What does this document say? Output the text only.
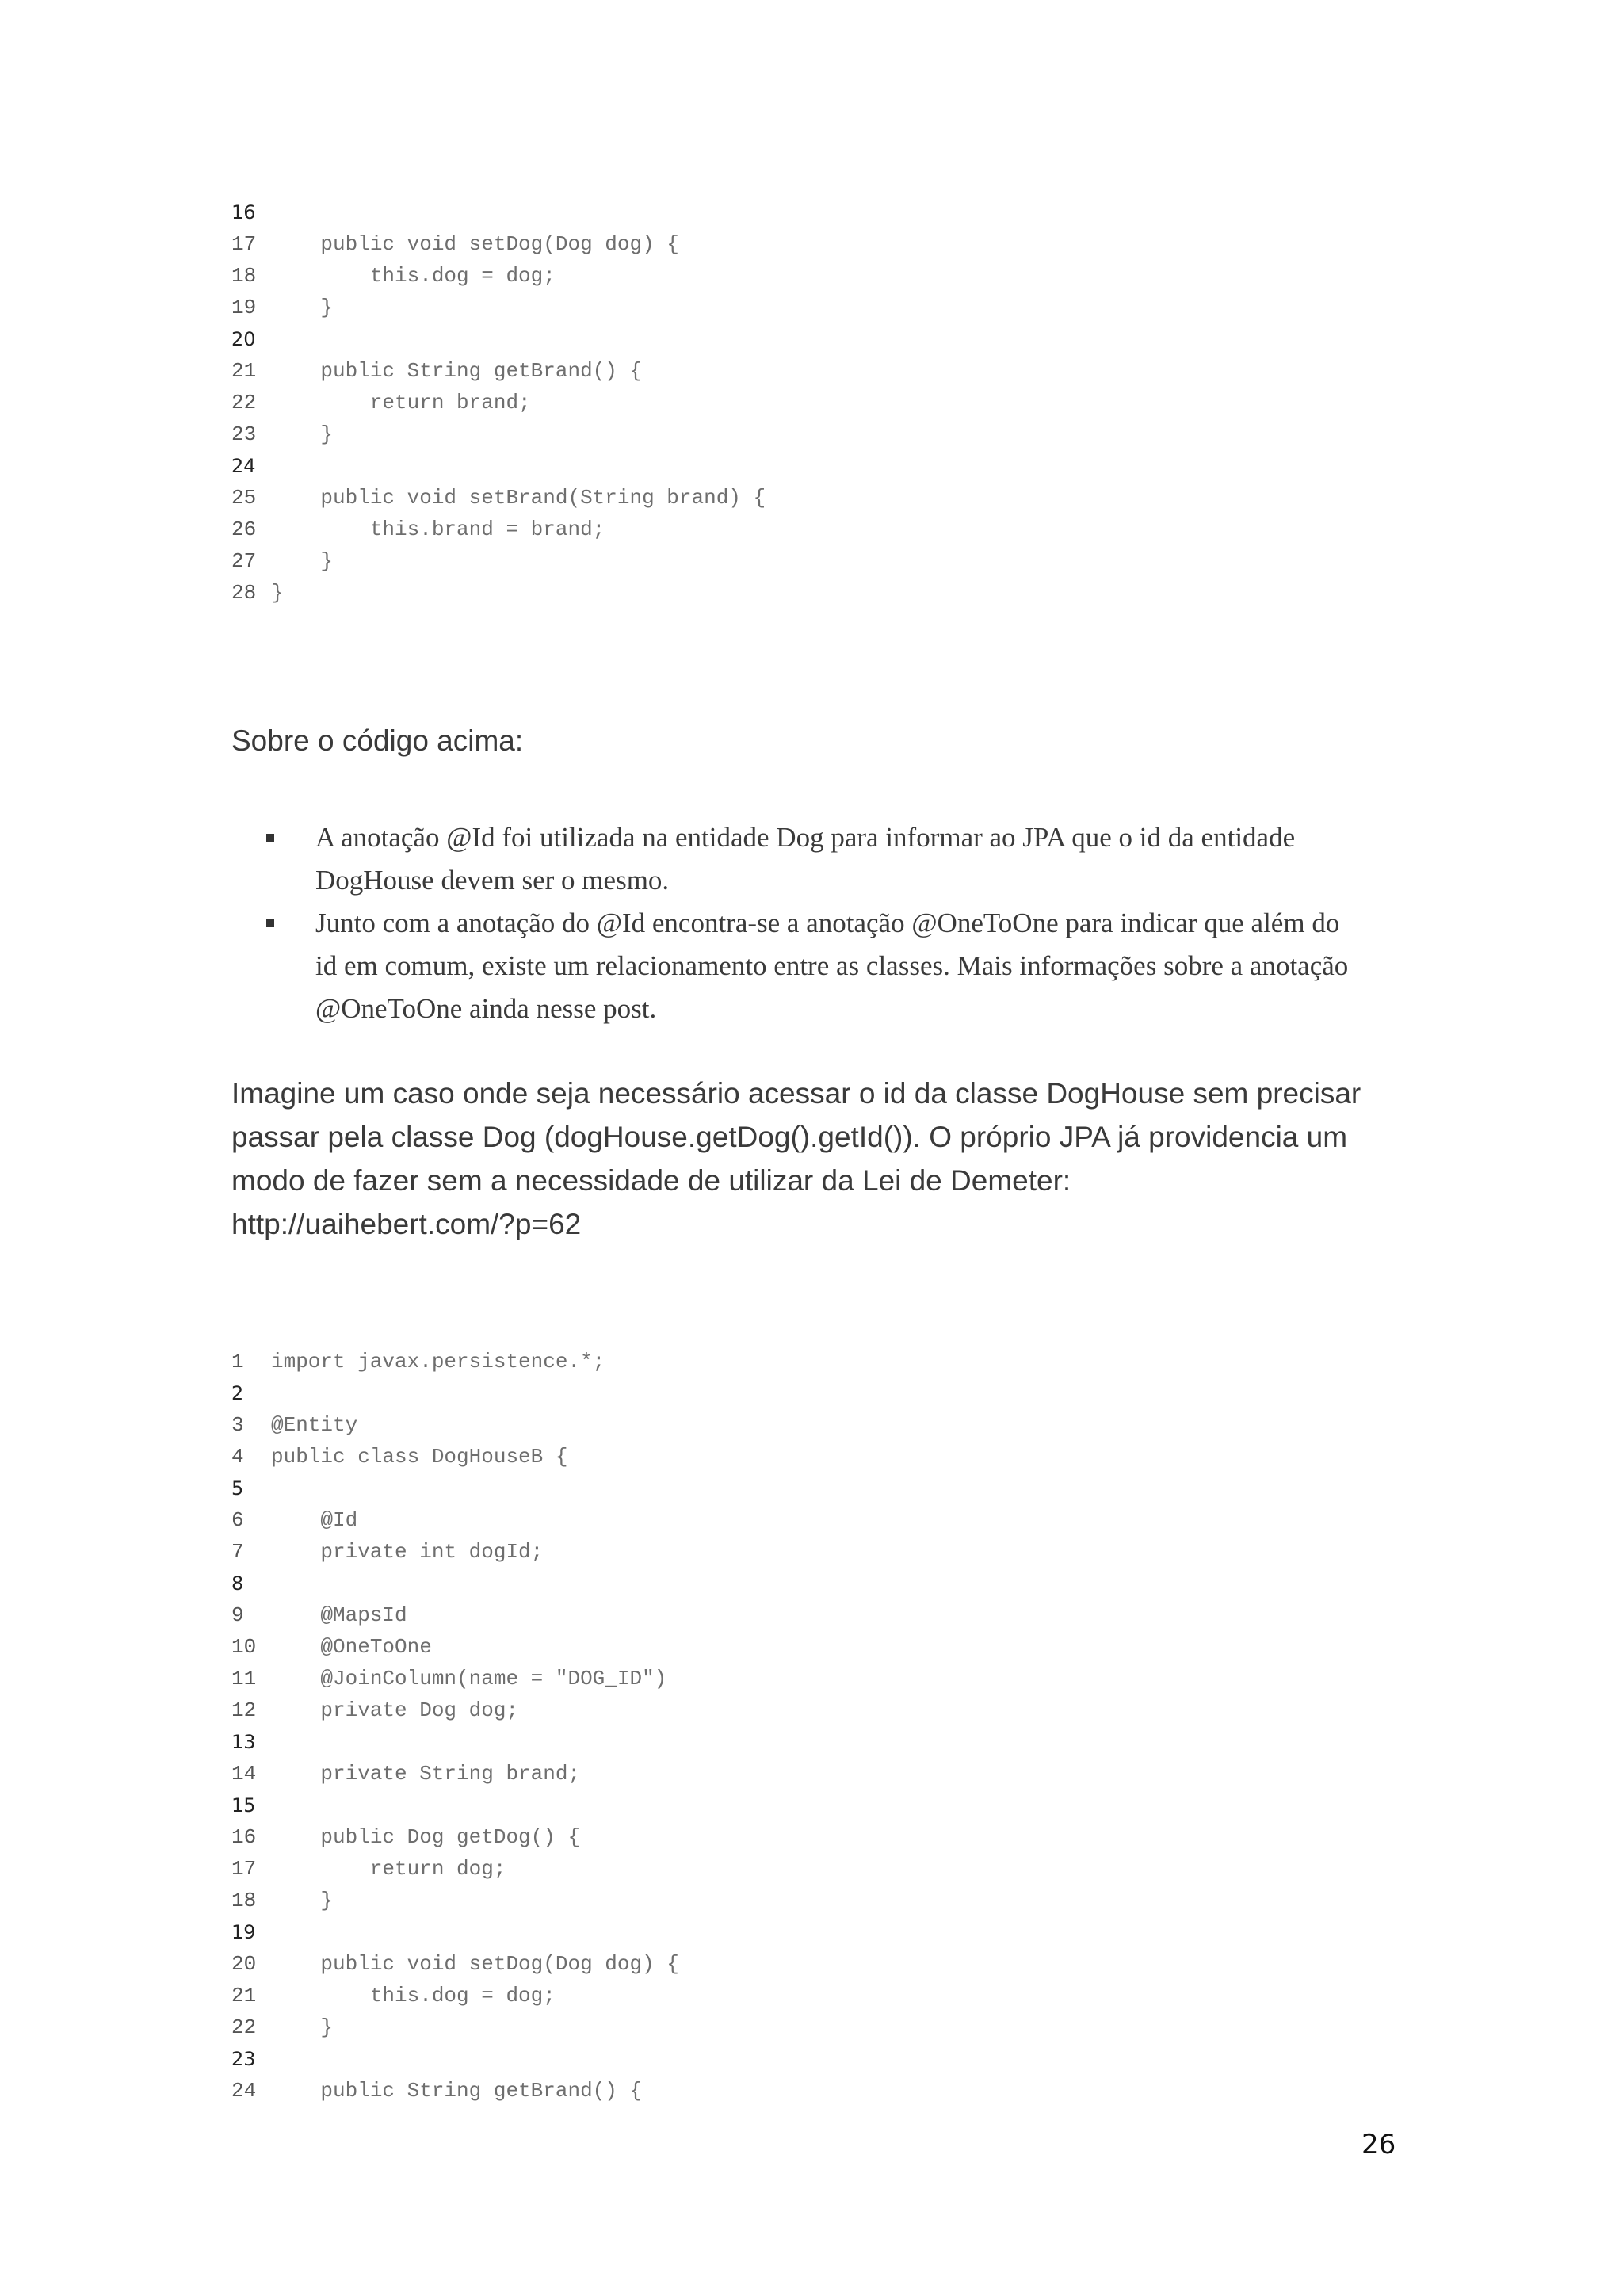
16
17    public void setDog(Dog dog) {
18        this.dog = dog;
19    }
20
21    public String getBrand() {
22        return brand;
23    }
24
25    public void setBrand(String brand) {
26        this.brand = brand;
27    }
28 }
Sobre o código acima:
A anotação @Id foi utilizada na entidade Dog para informar ao JPA que o id da entidade
DogHouse devem ser o mesmo.
Junto com a anotação do @Id encontra-se a anotação @OneToOne para indicar que além do
id em comum, existe um relacionamento entre as classes. Mais informações sobre a anotação
@OneToOne ainda nesse post.
Imagine um caso onde seja necessário acessar o id da classe DogHouse sem precisar
passar pela classe Dog (dogHouse.getDog().getId()). O próprio JPA já providencia um
modo de fazer sem a necessidade de utilizar da Lei de Demeter:
http://uaihebert.com/?p=62
1 import javax.persistence.*;
2
3 @Entity
4 public class DogHouseB {
5
6    @Id
7    private int dogId;
8
9    @MapsId
10    @OneToOne
11    @JoinColumn(name = "DOG_ID")
12    private Dog dog;
13
14    private String brand;
15
16    public Dog getDog() {
17        return dog;
18    }
19
20    public void setDog(Dog dog) {
21        this.dog = dog;
22    }
23
24    public String getBrand() {
26
